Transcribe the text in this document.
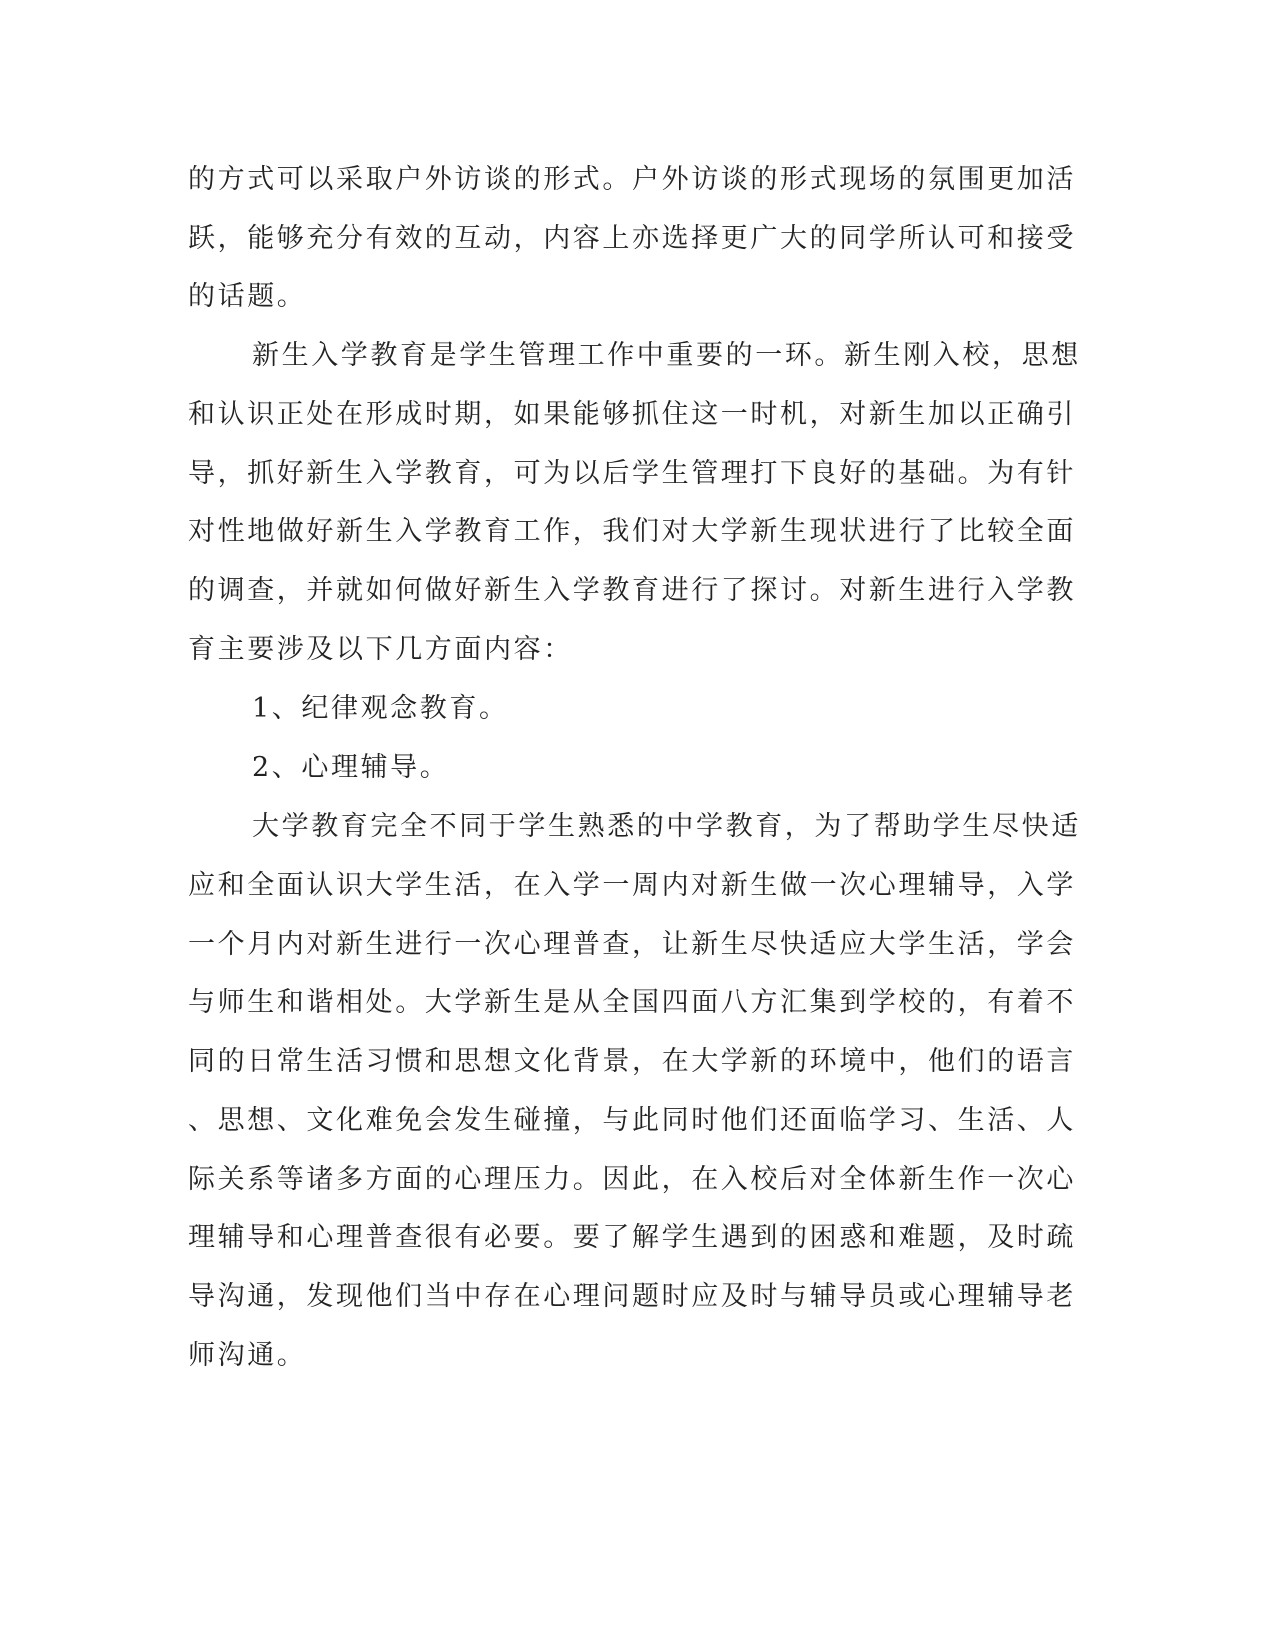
的方式可以采取户外访谈的形式。户外访谈的形式现场的氛围更加活
跃，能够充分有效的互动，内容上亦选择更广大的同学所认可和接受
的话题。
新生入学教育是学生管理工作中重要的一环。新生刚入校，思想
和认识正处在形成时期，如果能够抓住这一时机，对新生加以正确引
导，抓好新生入学教育，可为以后学生管理打下良好的基础。为有针
对性地做好新生入学教育工作，我们对大学新生现状进行了比较全面
的调查，并就如何做好新生入学教育进行了探讨。对新生进行入学教
育主要涉及以下几方面内容：
1、纪律观念教育。
2、心理辅导。
大学教育完全不同于学生熟悉的中学教育，为了帮助学生尽快适
应和全面认识大学生活，在入学一周内对新生做一次心理辅导，入学
一个月内对新生进行一次心理普查，让新生尽快适应大学生活，学会
与师生和谐相处。大学新生是从全国四面八方汇集到学校的，有着不
同的日常生活习惯和思想文化背景，在大学新的环境中，他们的语言
、思想、文化难免会发生碰撞，与此同时他们还面临学习、生活、人
际关系等诸多方面的心理压力。因此，在入校后对全体新生作一次心
理辅导和心理普查很有必要。要了解学生遇到的困惑和难题，及时疏
导沟通，发现他们当中存在心理问题时应及时与辅导员或心理辅导老
师沟通。
